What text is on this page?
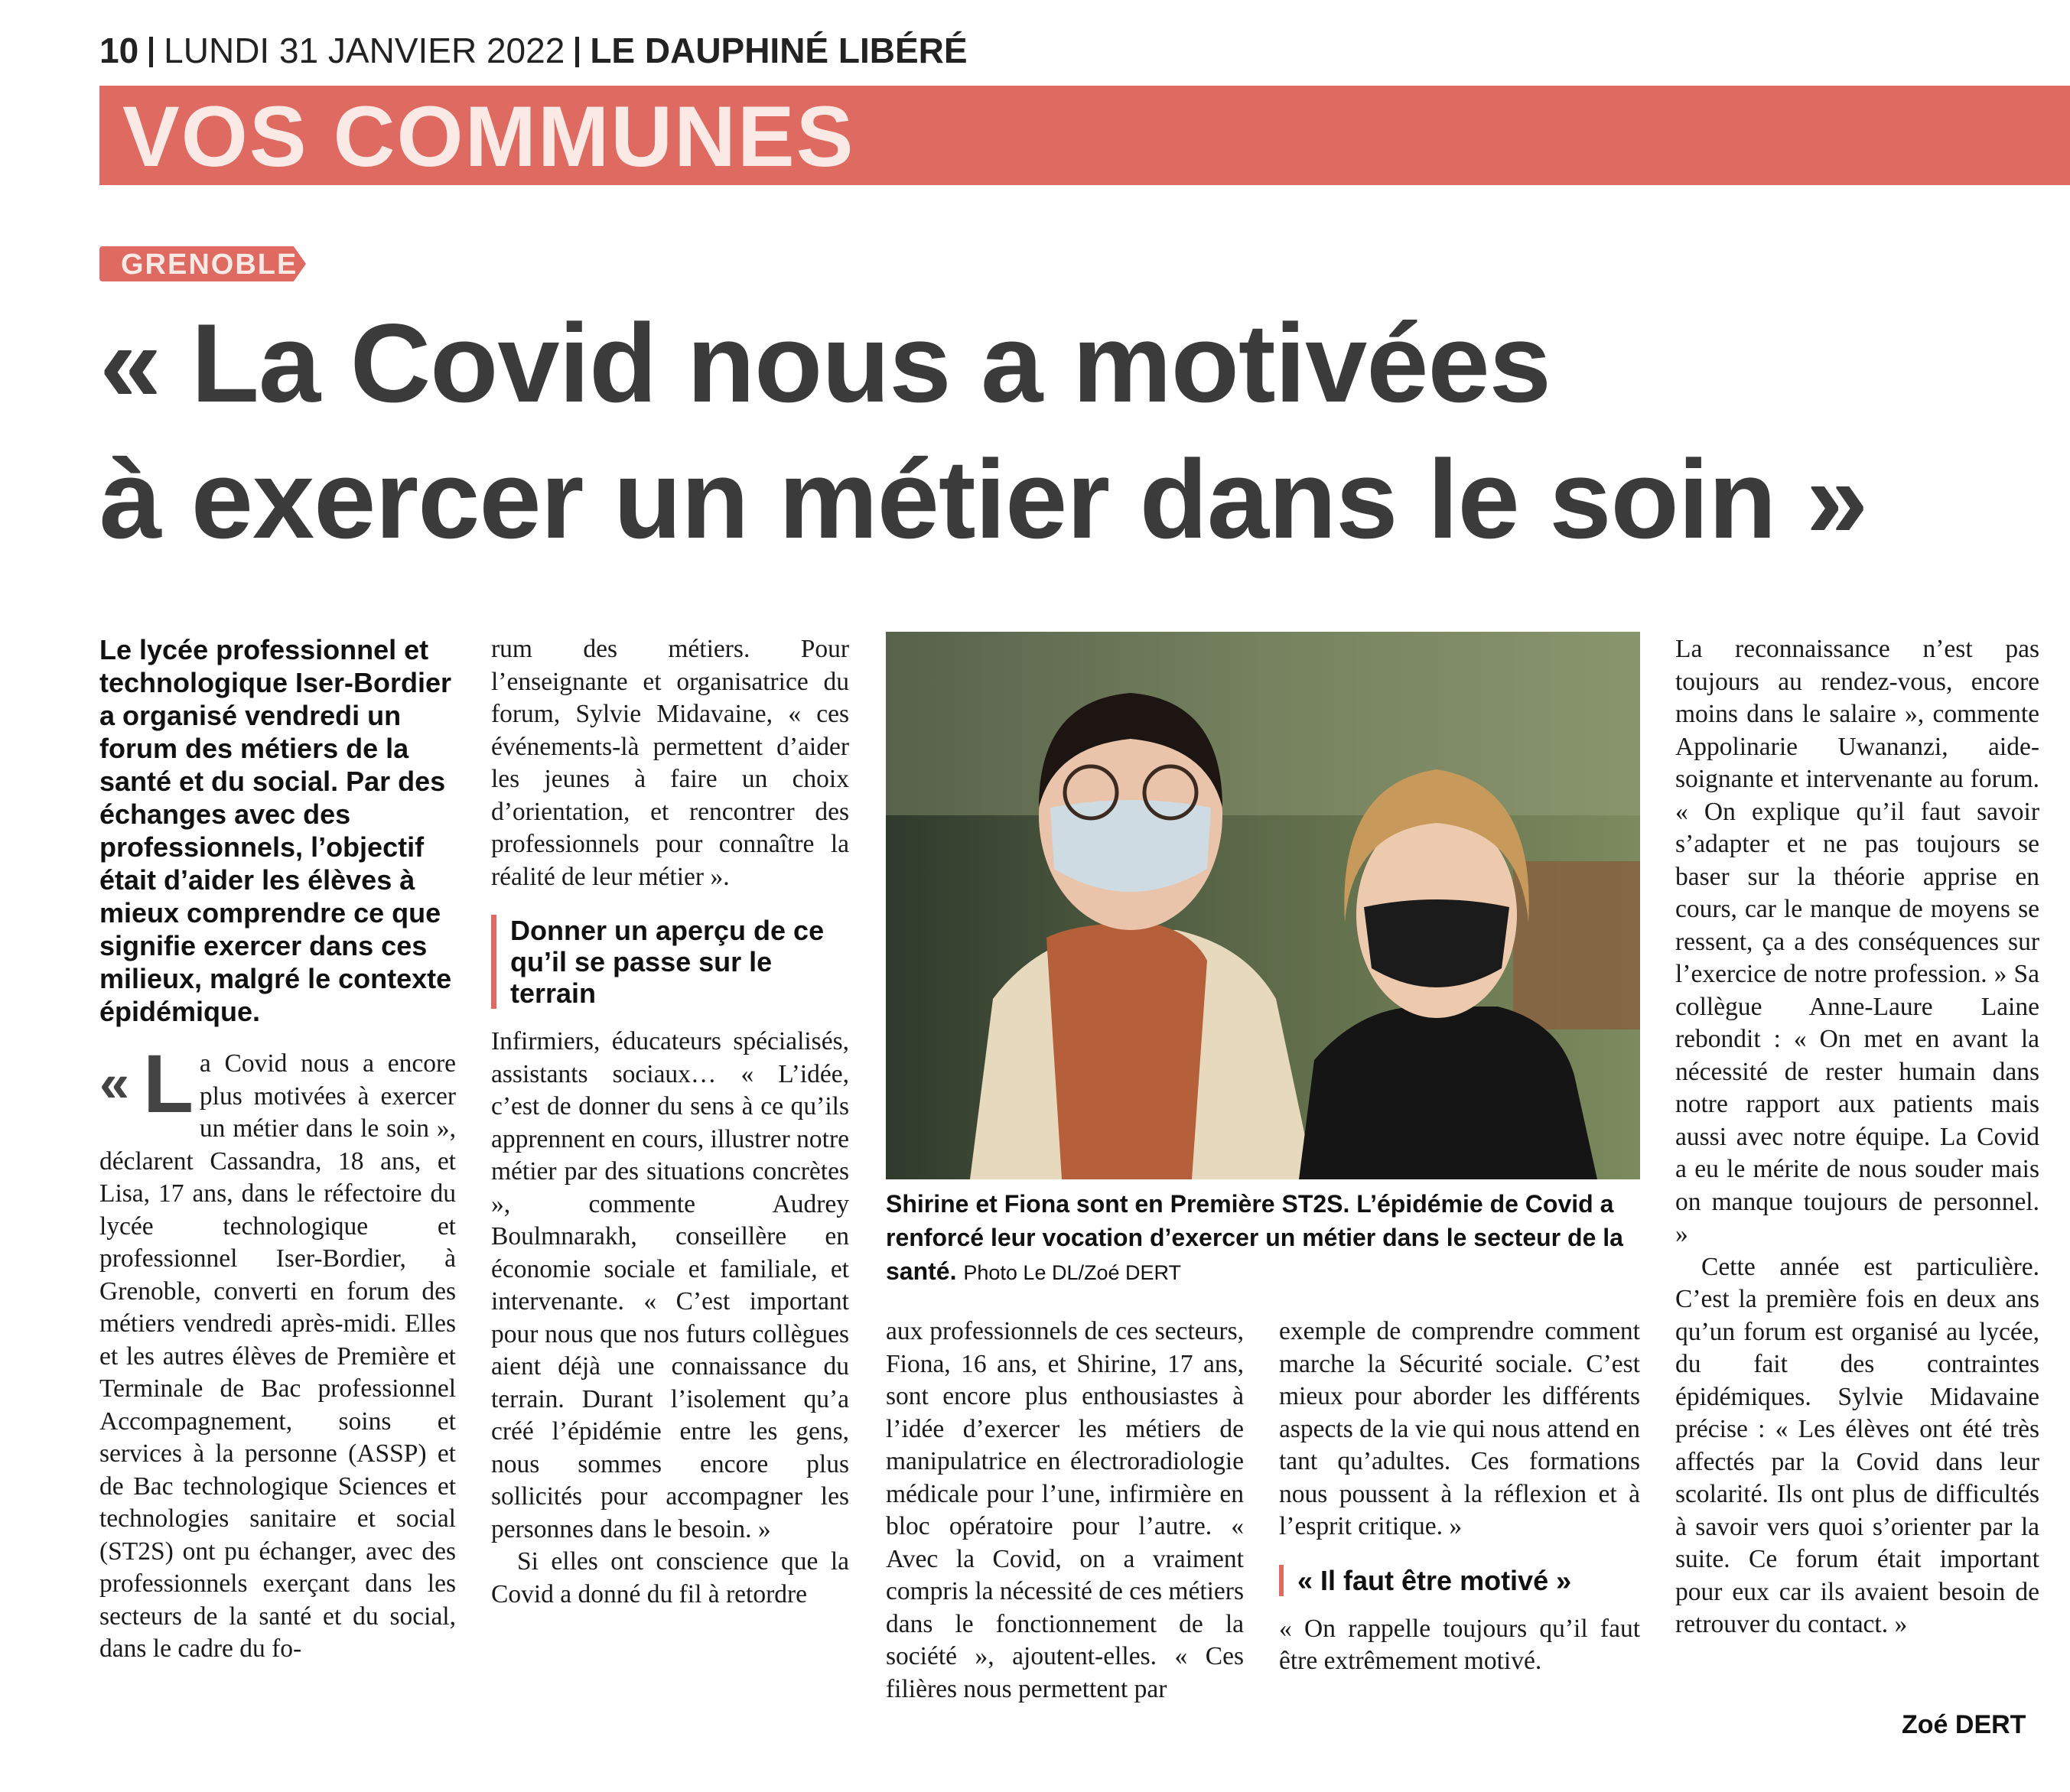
10 LUNDI 31 JANVIER 2022 LE DAUPHINÉ LIBÉRÉ
VOS COMMUNES
GRENOBLE
« La Covid nous a motivées
à exercer un métier dans le soin »

Le lycée professionnel et technologique Iser-Bordier a organisé vendredi un forum des métiers de la santé et du social. Par des échanges avec des professionnels, l’objectif était d’aider les élèves à mieux comprendre ce que signifie exercer dans ces milieux, malgré le contexte épidémique.

« L a Covid nous a encore plus motivées à exercer un métier dans le soin », déclarent Cassandra, 18 ans, et Lisa, 17 ans, dans le réfectoire du lycée technologique et professionnel Iser-Bordier, à Grenoble, converti en forum des métiers vendredi après-midi. Elles et les autres élèves de Première et Terminale de Bac professionnel Accompagnement, soins et services à la personne (ASSP) et de Bac technologique Sciences et technologies sanitaire et social (ST2S) ont pu échanger, avec des professionnels exerçant dans les secteurs de la santé et du social, dans le cadre du fo-

rum des métiers. Pour l’enseignante et organisatrice du forum, Sylvie Midavaine, « ces événements-là permettent d’aider les jeunes à faire un choix d’orientation, et rencontrer des professionnels pour connaître la réalité de leur métier ».

Donner un aperçu de ce qu’il se passe sur le terrain

Infirmiers, éducateurs spécialisés, assistants sociaux… « L’idée, c’est de donner du sens à ce qu’ils apprennent en cours, illustrer notre métier par des situations concrètes », commente Audrey Boulmnarakh, conseillère en économie sociale et familiale, et intervenante. « C’est important pour nous que nos futurs collègues aient déjà une connaissance du terrain. Durant l’isolement qu’a créé l’épidémie entre les gens, nous sommes encore plus sollicités pour accompagner les personnes dans le besoin. »

Si elles ont conscience que la Covid a donné du fil à retordre

Shirine et Fiona sont en Première ST2S. L’épidémie de Covid a renforcé leur vocation d’exercer un métier dans le secteur de la santé. Photo Le DL/Zoé DERT

aux professionnels de ces secteurs, Fiona, 16 ans, et Shirine, 17 ans, sont encore plus enthousiastes à l’idée d’exercer les métiers de manipulatrice en électroradiologie médicale pour l’une, infirmière en bloc opératoire pour l’autre. « Avec la Covid, on a vraiment compris la nécessité de ces métiers dans le fonctionnement de la société », ajoutent-elles. « Ces filières nous permettent par

exemple de comprendre comment marche la Sécurité sociale. C’est mieux pour aborder les différents aspects de la vie qui nous attend en tant qu’adultes. Ces formations nous poussent à la réflexion et à l’esprit critique. »

« Il faut être motivé »

« On rappelle toujours qu’il faut être extrêmement motivé.

La reconnaissance n’est pas toujours au rendez-vous, encore moins dans le salaire », commente Appolinarie Uwananzi, aide-soignante et intervenante au forum. « On explique qu’il faut savoir s’adapter et ne pas toujours se baser sur la théorie apprise en cours, car le manque de moyens se ressent, ça a des conséquences sur l’exercice de notre profession. » Sa collègue Anne-Laure Laine rebondit : « On met en avant la nécessité de rester humain dans notre rapport aux patients mais aussi avec notre équipe. La Covid a eu le mérite de nous souder mais on manque toujours de personnel. »

Cette année est particulière. C’est la première fois en deux ans qu’un forum est organisé au lycée, du fait des contraintes épidémiques. Sylvie Midavaine précise : « Les élèves ont été très affectés par la Covid dans leur scolarité. Ils ont plus de difficultés à savoir vers quoi s’orienter par la suite. Ce forum était important pour eux car ils avaient besoin de retrouver du contact. »

Zoé DERT
